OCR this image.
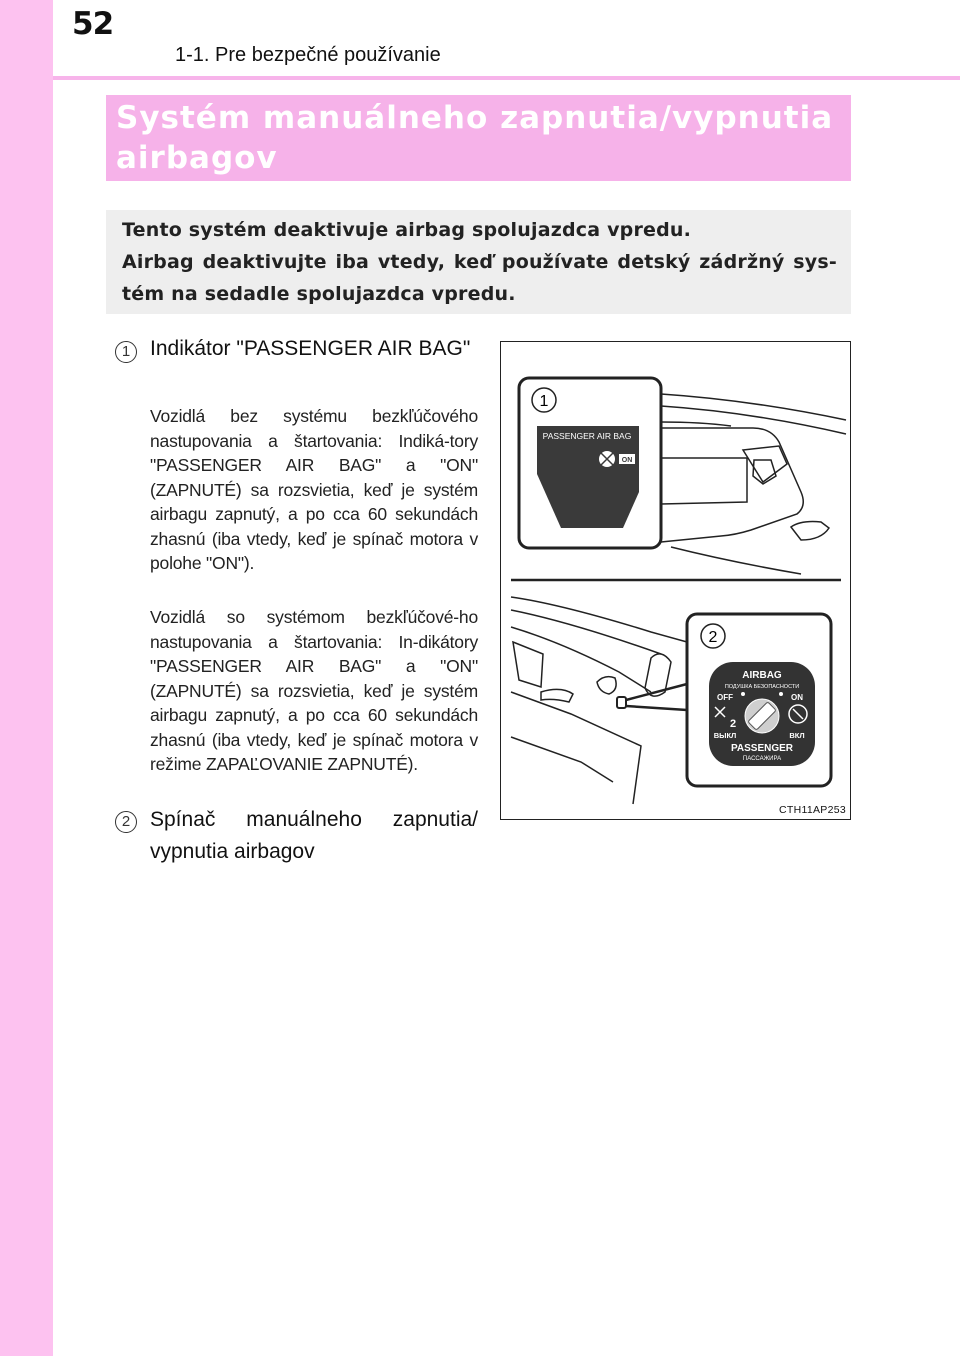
52
1-1. Pre bezpečné používanie
Systém manuálneho zapnutia/vypnutia airbagov

Tento systém deaktivuje airbag spolujazdca vpredu.

Airbag deaktivujte iba vtedy, keď používate detský zádržný sys-tém na sedadle spolujazdca vpredu.

1 Indikátor "PASSENGER AIR BAG"

Vozidlá bez systému bezkľúčového nastupovania a štartovania: Indiká-tory "PASSENGER AIR BAG" a "ON" (ZAPNUTÉ) sa rozsvietia, keď je systém airbagu zapnutý, a po cca 60 sekundách zhasnú (iba vtedy, keď je spínač motora v polohe "ON").

Vozidlá so systémom bezkľúčové-ho nastupovania a štartovania: In-dikátory "PASSENGER AIR BAG" a "ON" (ZAPNUTÉ) sa rozsvietia, keď je systém airbagu zapnutý, a po cca 60 sekundách zhasnú (iba vtedy, keď je spínač motora v režime ZAPAĽOVANIE ZAPNUTÉ).

2 Spínač manuálneho zapnutia/ vypnutia airbagov

1
PASSENGER AIR BAG
ON
2
AIRBAG
ПОДУШКА БЕЗОПАСНОСТИ
OFF	ON
2
ВЫКЛ	ВКЛ
PASSENGER
ПАССАЖИРА
CTH11AP253
